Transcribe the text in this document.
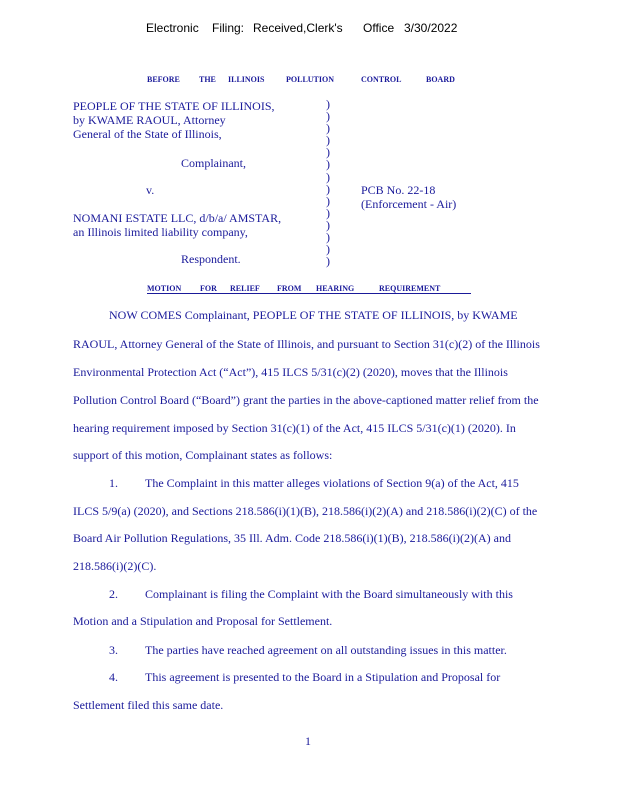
Electronic Filing: Received,Clerk's Office 3/30/2022
BEFORE THE ILLINOIS	POLLUTION	CONTROL	BOARD
PEOPLE OF THE STATE OF ILLINOIS,
by KWAME RAOUL, Attorney
General of the State of Illinois,
Complainant,
v.	PCB No. 22-18
(Enforcement - Air)
NOMANI ESTATE LLC, d/b/a/ AMSTAR,
an Illinois limited liability company,
Respondent.
)
)
)
)
)
)
)
)
)
)
)
)
)
)
MOTION FOR RELIEF FROM HEARING	REQUIREMENT
NOW COMES Complainant, PEOPLE OF THE STATE OF ILLINOIS, by KWAME
RAOUL, Attorney General of the State of Illinois, and pursuant to Section 31(c)(2) of the Illinois
Environmental Protection Act (“Act”), 415 ILCS 5/31(c)(2) (2020), moves that the Illinois
Pollution Control Board (“Board”) grant the parties in the above-captioned matter relief from the
hearing requirement imposed by Section 31(c)(1) of the Act, 415 ILCS 5/31(c)(1) (2020). In
support of this motion, Complainant states as follows:
1. The Complaint in this matter alleges violations of Section 9(a) of the Act, 415
ILCS 5/9(a) (2020), and Sections 218.586(i)(1)(B), 218.586(i)(2)(A) and 218.586(i)(2)(C) of the
Board Air Pollution Regulations, 35 Ill. Adm. Code 218.586(i)(1)(B), 218.586(i)(2)(A) and
218.586(i)(2)(C).
2. Complainant is filing the Complaint with the Board simultaneously with this
Motion and a Stipulation and Proposal for Settlement.
3. The parties have reached agreement on all outstanding issues in this matter.
4. This agreement is presented to the Board in a Stipulation and Proposal for
Settlement filed this same date.
1
